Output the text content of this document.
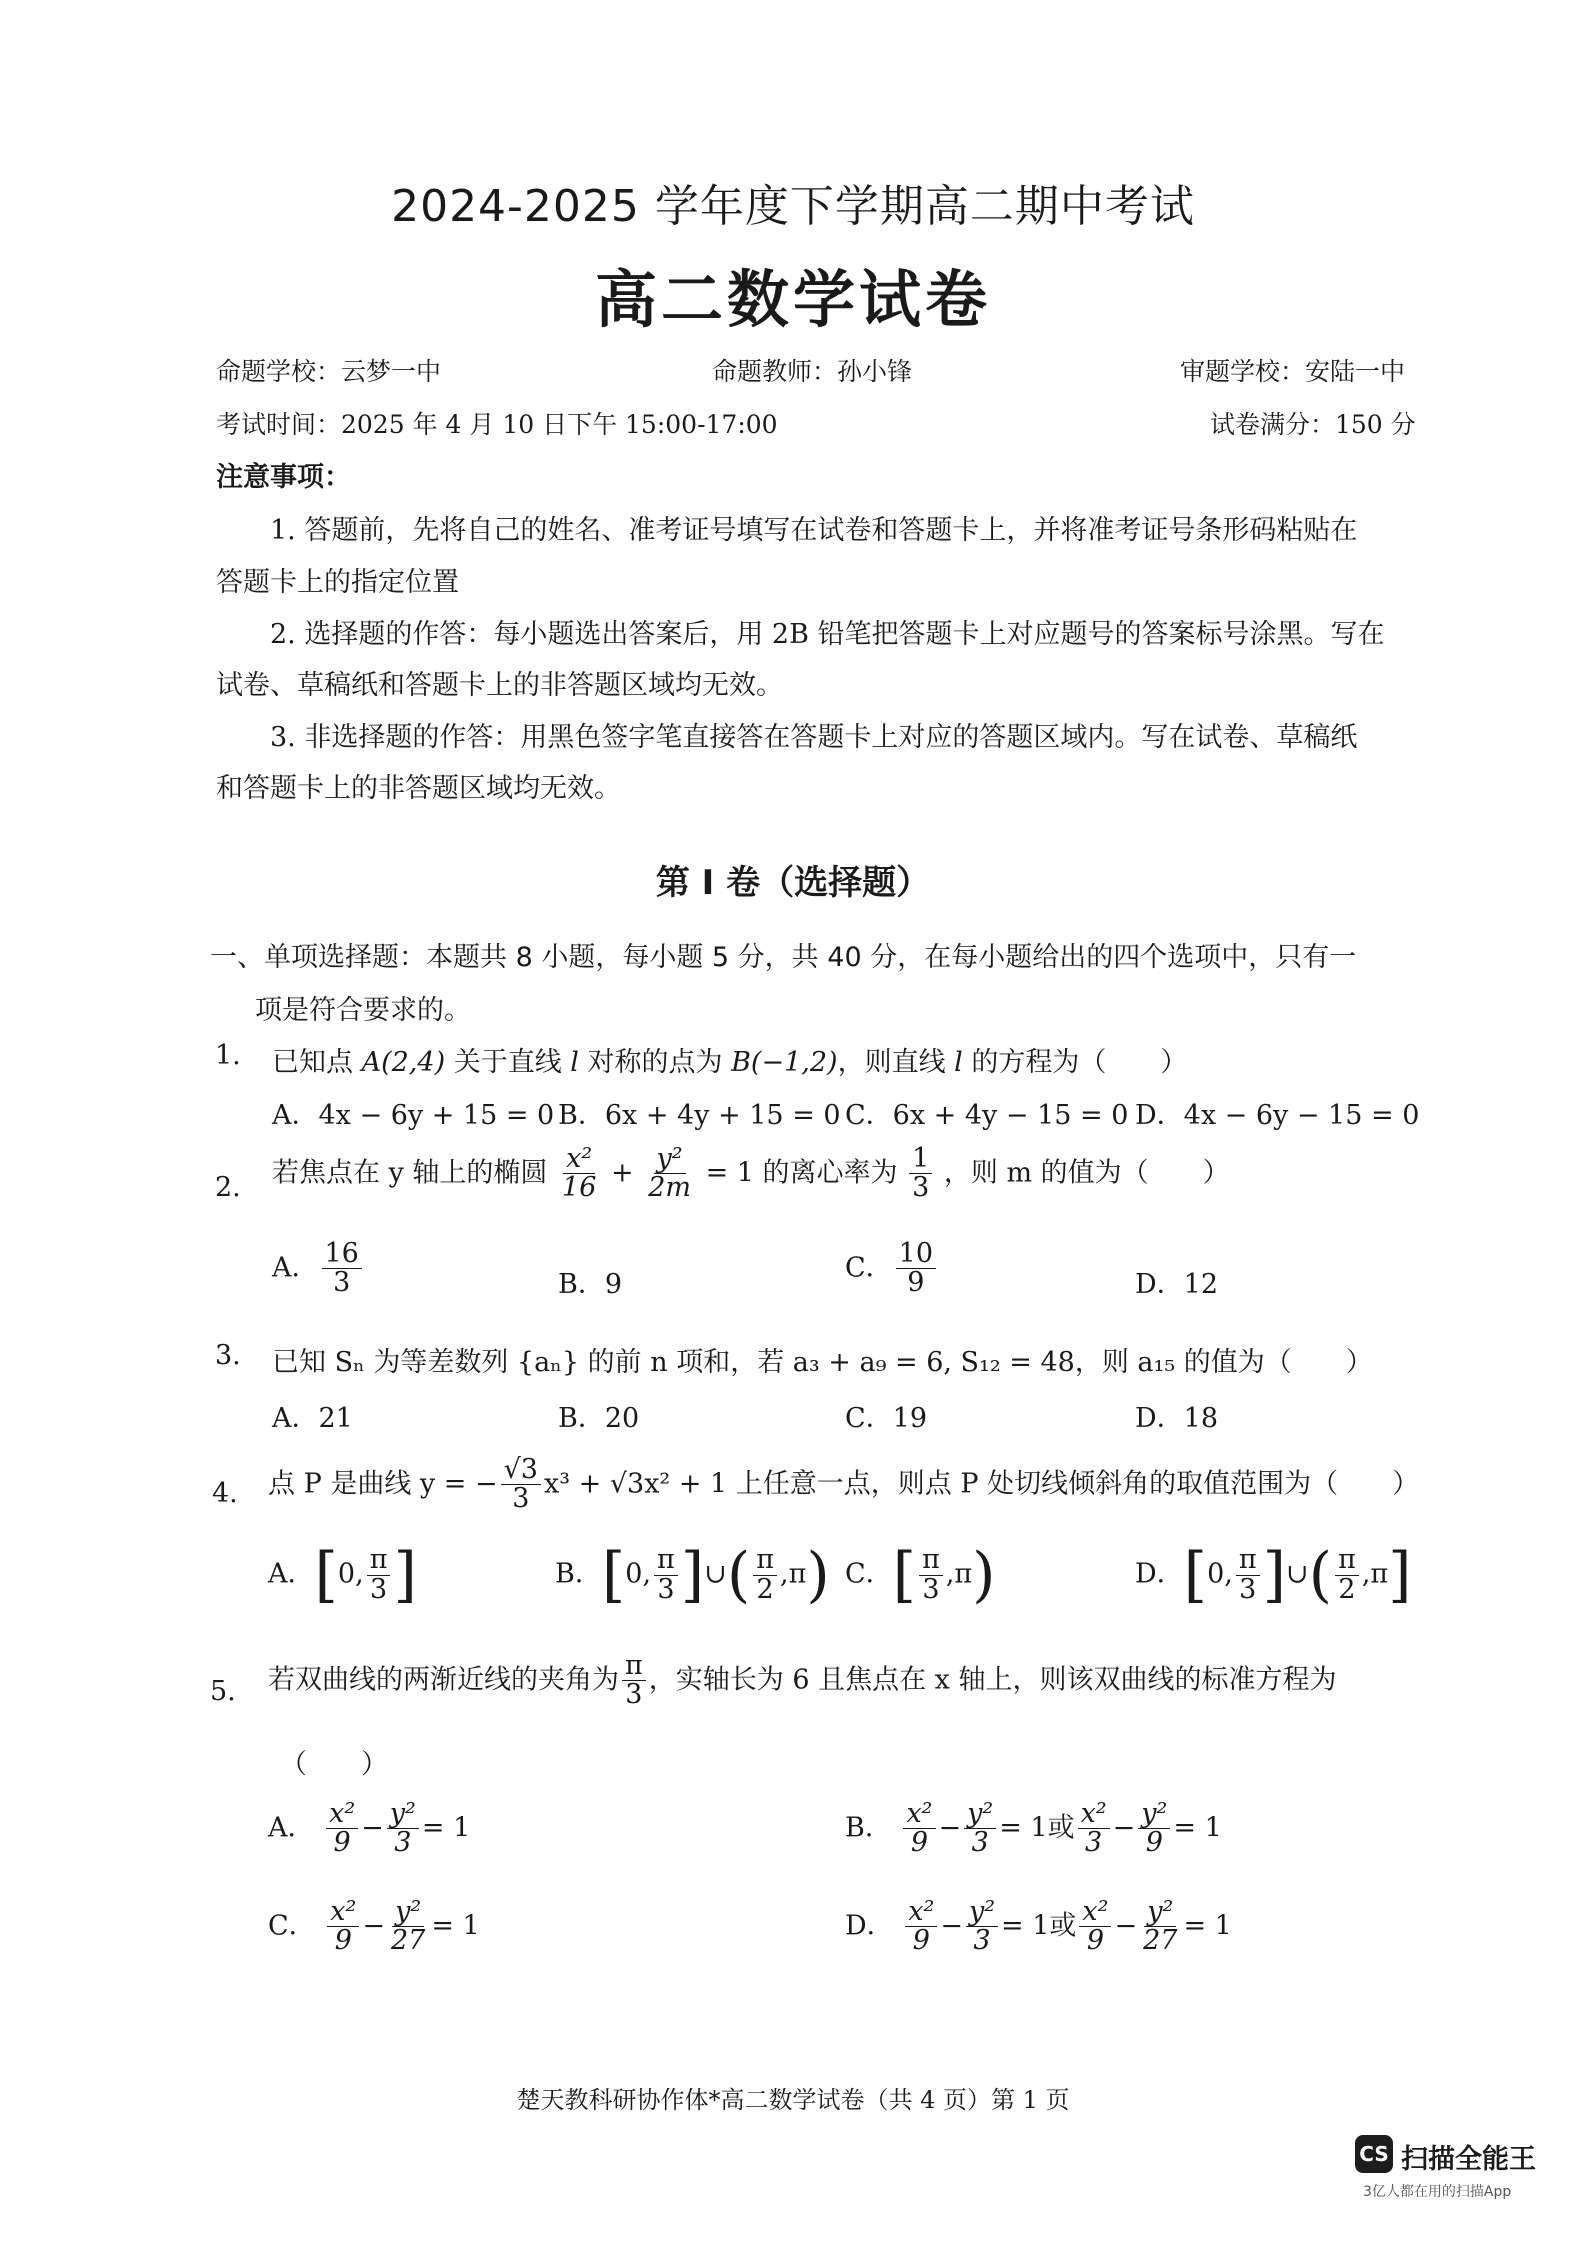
2024-2025 学年度下学期高二期中考试
高二数学试卷
命题学校：云梦一中	命题教师：孙小锋	审题学校：安陆一中
考试时间：2025 年 4 月 10 日下午 15:00-17:00	试卷满分：150 分
注意事项：
1. 答题前，先将自己的姓名、准考证号填写在试卷和答题卡上，并将准考证号条形码粘贴在
答题卡上的指定位置
2. 选择题的作答：每小题选出答案后，用 2B 铅笔把答题卡上对应题号的答案标号涂黑。写在
试卷、草稿纸和答题卡上的非答题区域均无效。
3. 非选择题的作答：用黑色签字笔直接答在答题卡上对应的答题区域内。写在试卷、草稿纸
和答题卡上的非答题区域均无效。
第 I 卷（选择题）
一、单项选择题：本题共 8 小题，每小题 5 分，共 40 分，在每小题给出的四个选项中，只有一
项是符合要求的。
1. 已知点 A(2,4) 关于直线 l 对称的点为 B(−1,2)，则直线 l 的方程为（　　）
A．4x − 6y + 15 = 0 B．6x + 4y + 15 = 0 C．6x + 4y − 15 = 0 D．4x − 6y − 15 = 0
2. 若焦点在 y 轴上的椭圆 $\frac{\text{x²}}{16} + \frac{\text{y²}}{2m} = 1$ 的离心率为 $\frac{1}{3}$ ，则 m 的值为（　　）
A． $\frac{16}{3}$	B．9
C． $\frac{10}{9}$	D．12
3. 已知 Sₙ 为等差数列 {aₙ} 的前 n 项和，若 a₃ + a₉ = 6, S₁₂ = 48，则 a₁₅ 的值为（　　）
A．21	B．20	C．19	D．18
4. 点 P 是曲线 y = − $\frac{√3}{3} x^3 + √3x^2 + 1$ 上任意一点，则点 P 处切线倾斜角的取值范围为（　　）
A．[0, $\frac{\pi}{3}$ ]	B．[0, $\frac{\pi}{3}$ ]∪( $\frac{\pi}{2} ,\pi$) C．[ $\frac{\pi}{3} ,\pi$)	D．[0, $\frac{\pi}{3}$ ]∪( $\frac{\pi}{2} ,\pi$]
5. 若双曲线的两渐近线的夹角为 $\frac{\pi}{3}$ ，实轴长为 6 且焦点在 x 轴上，则该双曲线的标准方程为
（　　）
A． $\frac{\text{x²}}{9} - \frac{\text{y²}}{3} = 1$	B． $\frac{\text{x²}}{9} - \frac{\text{y²}}{3} = 1$或 $\frac{\text{x²}}{3} - \frac{\text{y²}}{9} = 1$
C． $\frac{\text{x²}}{9} - \frac{\text{y²}}{27} = 1$	D． $\frac{\text{x²}}{9} - \frac{\text{y²}}{3} = 1$或 $\frac{\text{x²}}{9} - \frac{\text{y²}}{27} = 1$
楚天教科研协作体*高二数学试卷（共 4 页）第 1 页
CS 扫描全能王
3亿人都在用的扫描App
